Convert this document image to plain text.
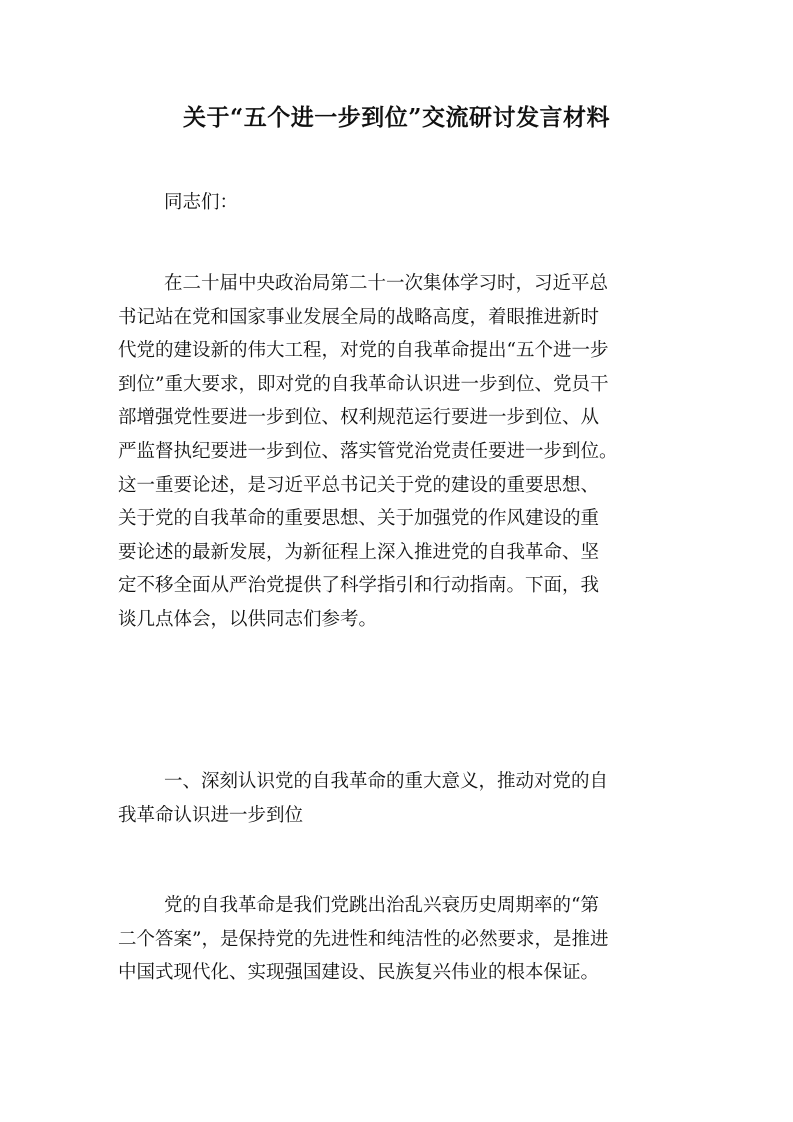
关于“五个进一步到位”交流研讨发言材料
同志们：
在二十届中央政治局第二十一次集体学习时，习近平总
书记站在党和国家事业发展全局的战略高度，着眼推进新时
代党的建设新的伟大工程，对党的自我革命提出“五个进一步
到位”重大要求，即对党的自我革命认识进一步到位、党员干
部增强党性要进一步到位、权利规范运行要进一步到位、从
严监督执纪要进一步到位、落实管党治党责任要进一步到位。
这一重要论述，是习近平总书记关于党的建设的重要思想、
关于党的自我革命的重要思想、关于加强党的作风建设的重
要论述的最新发展，为新征程上深入推进党的自我革命、坚
定不移全面从严治党提供了科学指引和行动指南。下面，我
谈几点体会，以供同志们参考。
一、深刻认识党的自我革命的重大意义，推动对党的自
我革命认识进一步到位
党的自我革命是我们党跳出治乱兴衰历史周期率的“第
二个答案”，是保持党的先进性和纯洁性的必然要求，是推进
中国式现代化、实现强国建设、民族复兴伟业的根本保证。
